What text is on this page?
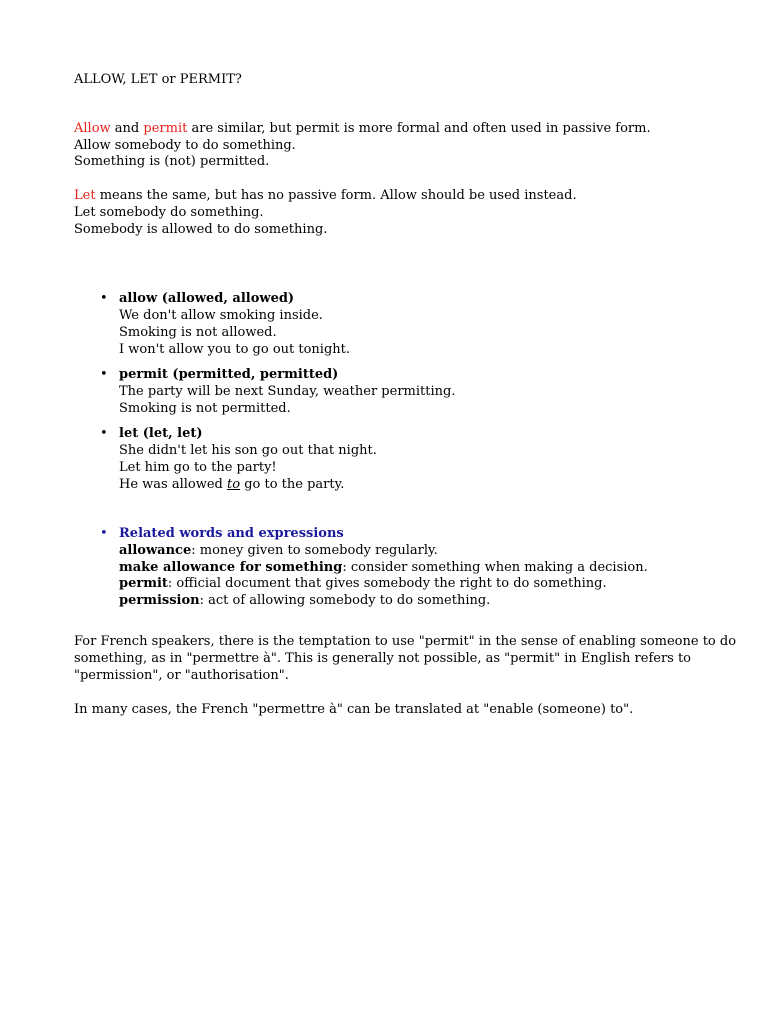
ALLOW, LET or PERMIT?
Allow and permit are similar, but permit is more formal and often used in passive form.
Allow somebody to do something.
Something is (not) permitted.
Let means the same, but has no passive form. Allow should be used instead.
Let somebody do something.
Somebody is allowed to do something.
• allow (allowed, allowed)
We don't allow smoking inside.
Smoking is not allowed.
I won't allow you to go out tonight.
• permit (permitted, permitted)
The party will be next Sunday, weather permitting.
Smoking is not permitted.
• let (let, let)
She didn't let his son go out that night.
Let him go to the party!
He was allowed to go to the party.
• Related words and expressions
allowance: money given to somebody regularly.
make allowance for something: consider something when making a decision.
permit: official document that gives somebody the right to do something.
permission: act of allowing somebody to do something.
For French speakers, there is the temptation to use "permit" in the sense of enabling someone to do
something, as in "permettre à". This is generally not possible, as "permit" in English refers to
"permission", or "authorisation".
In many cases, the French "permettre à" can be translated at "enable (someone) to".
